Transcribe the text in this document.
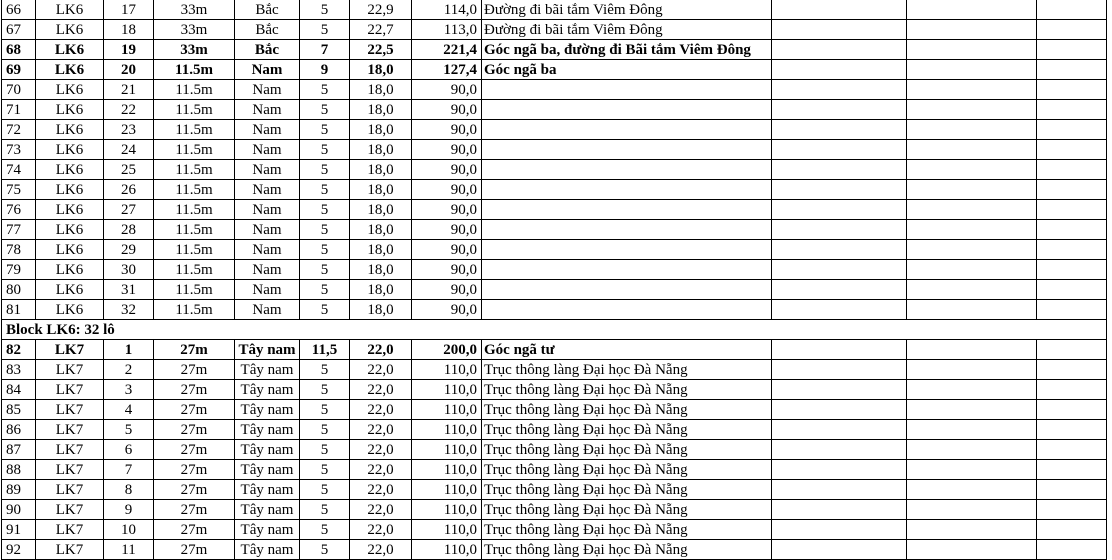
66	LK6	17	33m	Bắc	5	22,9	114,0	Đường đi bãi tắm Viêm Đông			
67	LK6	18	33m	Bắc	5	22,7	113,0	Đường đi bãi tắm Viêm Đông			
68	LK6	19	33m	Bắc	7	22,5	221,4	Góc ngã ba, đường đi Bãi tắm Viêm Đông			
69	LK6	20	11.5m	Nam	9	18,0	127,4	Góc ngã ba			
70	LK6	21	11.5m	Nam	5	18,0	90,0				
71	LK6	22	11.5m	Nam	5	18,0	90,0				
72	LK6	23	11.5m	Nam	5	18,0	90,0				
73	LK6	24	11.5m	Nam	5	18,0	90,0				
74	LK6	25	11.5m	Nam	5	18,0	90,0				
75	LK6	26	11.5m	Nam	5	18,0	90,0				
76	LK6	27	11.5m	Nam	5	18,0	90,0				
77	LK6	28	11.5m	Nam	5	18,0	90,0				
78	LK6	29	11.5m	Nam	5	18,0	90,0				
79	LK6	30	11.5m	Nam	5	18,0	90,0				
80	LK6	31	11.5m	Nam	5	18,0	90,0				
81	LK6	32	11.5m	Nam	5	18,0	90,0				
Block LK6: 32 lô											
82	LK7	1	27m	Tây nam	11,5	22,0	200,0	Góc ngã tư			
83	LK7	2	27m	Tây nam	5	22,0	110,0	Trục thông làng Đại học Đà Nẵng			
84	LK7	3	27m	Tây nam	5	22,0	110,0	Trục thông làng Đại học Đà Nẵng			
85	LK7	4	27m	Tây nam	5	22,0	110,0	Trục thông làng Đại học Đà Nẵng			
86	LK7	5	27m	Tây nam	5	22,0	110,0	Trục thông làng Đại học Đà Nẵng			
87	LK7	6	27m	Tây nam	5	22,0	110,0	Trục thông làng Đại học Đà Nẵng			
88	LK7	7	27m	Tây nam	5	22,0	110,0	Trục thông làng Đại học Đà Nẵng			
89	LK7	8	27m	Tây nam	5	22,0	110,0	Trục thông làng Đại học Đà Nẵng			
90	LK7	9	27m	Tây nam	5	22,0	110,0	Trục thông làng Đại học Đà Nẵng			
91	LK7	10	27m	Tây nam	5	22,0	110,0	Trục thông làng Đại học Đà Nẵng			
92	LK7	11	27m	Tây nam	5	22,0	110,0	Trục thông làng Đại học Đà Nẵng			
